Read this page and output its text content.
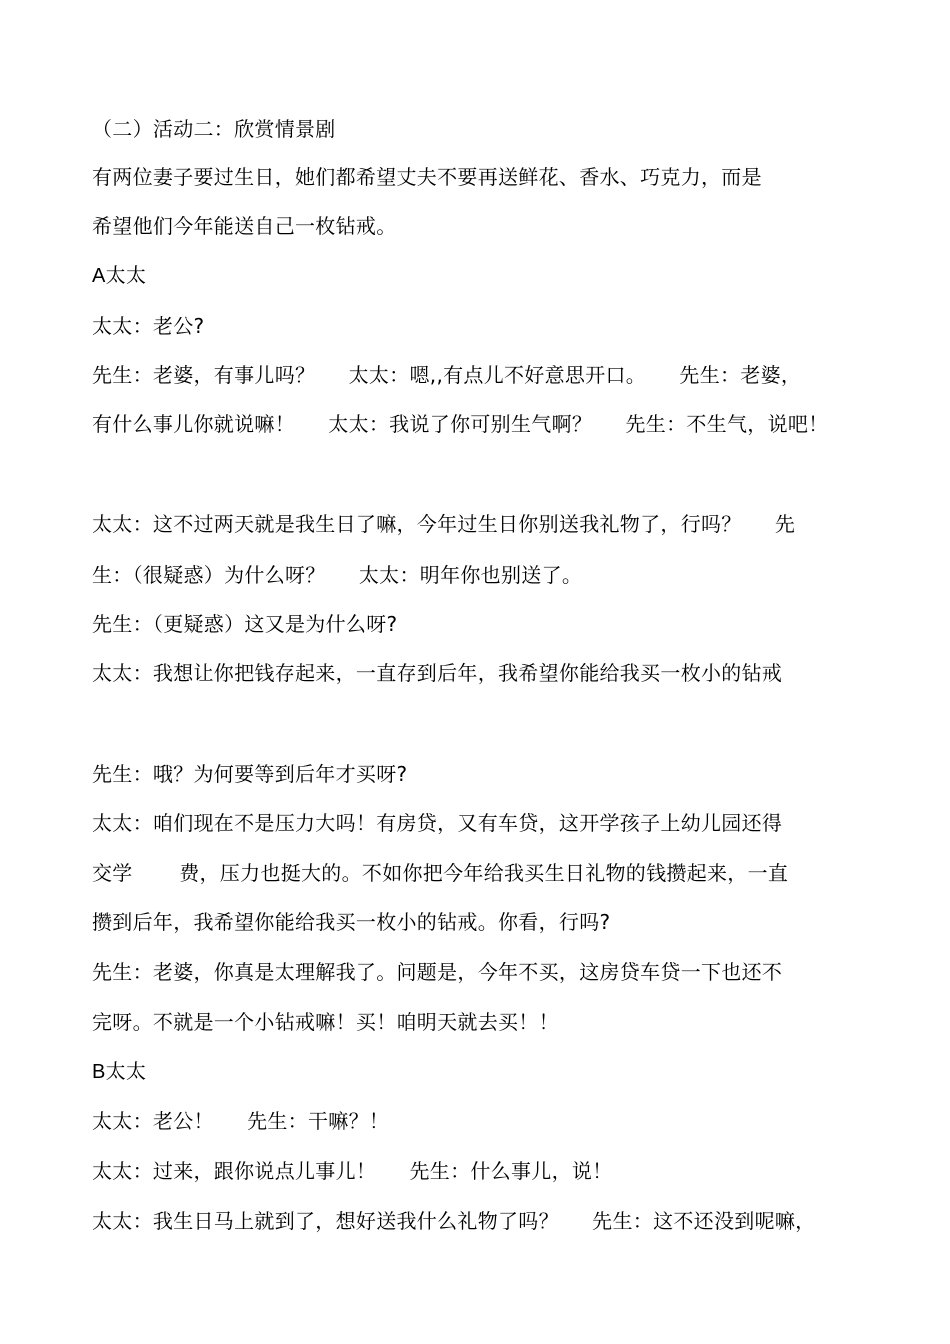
（二）活动二：欣赏情景剧
有两位妻子要过生日，她们都希望丈夫不要再送鲜花、香水、巧克力，而是
希望他们今年能送自己一枚钻戒。
A太太
太太：老公?
先生：老婆，有事儿吗？     太太：嗯,,有点儿不好意思开口。     先生：老婆，
有什么事儿你就说嘛！     太太：我说了你可别生气啊？     先生：不生气，说吧！
太太：这不过两天就是我生日了嘛，今年过生日你别送我礼物了，行吗？     先
生：（很疑惑）为什么呀？     太太：明年你也别送了。
先生：（更疑惑）这又是为什么呀?
太太：我想让你把钱存起来，一直存到后年，我希望你能给我买一枚小的钻戒
先生：哦？为何要等到后年才买呀?
太太：咱们现在不是压力大吗！有房贷，又有车贷，这开学孩子上幼儿园还得
交学       费，压力也挺大的。不如你把今年给我买生日礼物的钱攒起来，一直
攒到后年，我希望你能给我买一枚小的钻戒。你看，行吗?
先生：老婆，你真是太理解我了。问题是，今年不买，这房贷车贷一下也还不
完呀。不就是一个小钻戒嘛！买！咱明天就去买！！
B太太
太太：老公！     先生：干嘛？！
太太：过来，跟你说点儿事儿！     先生：什么事儿，说！
太太：我生日马上就到了，想好送我什么礼物了吗？     先生：这不还没到呢嘛，
